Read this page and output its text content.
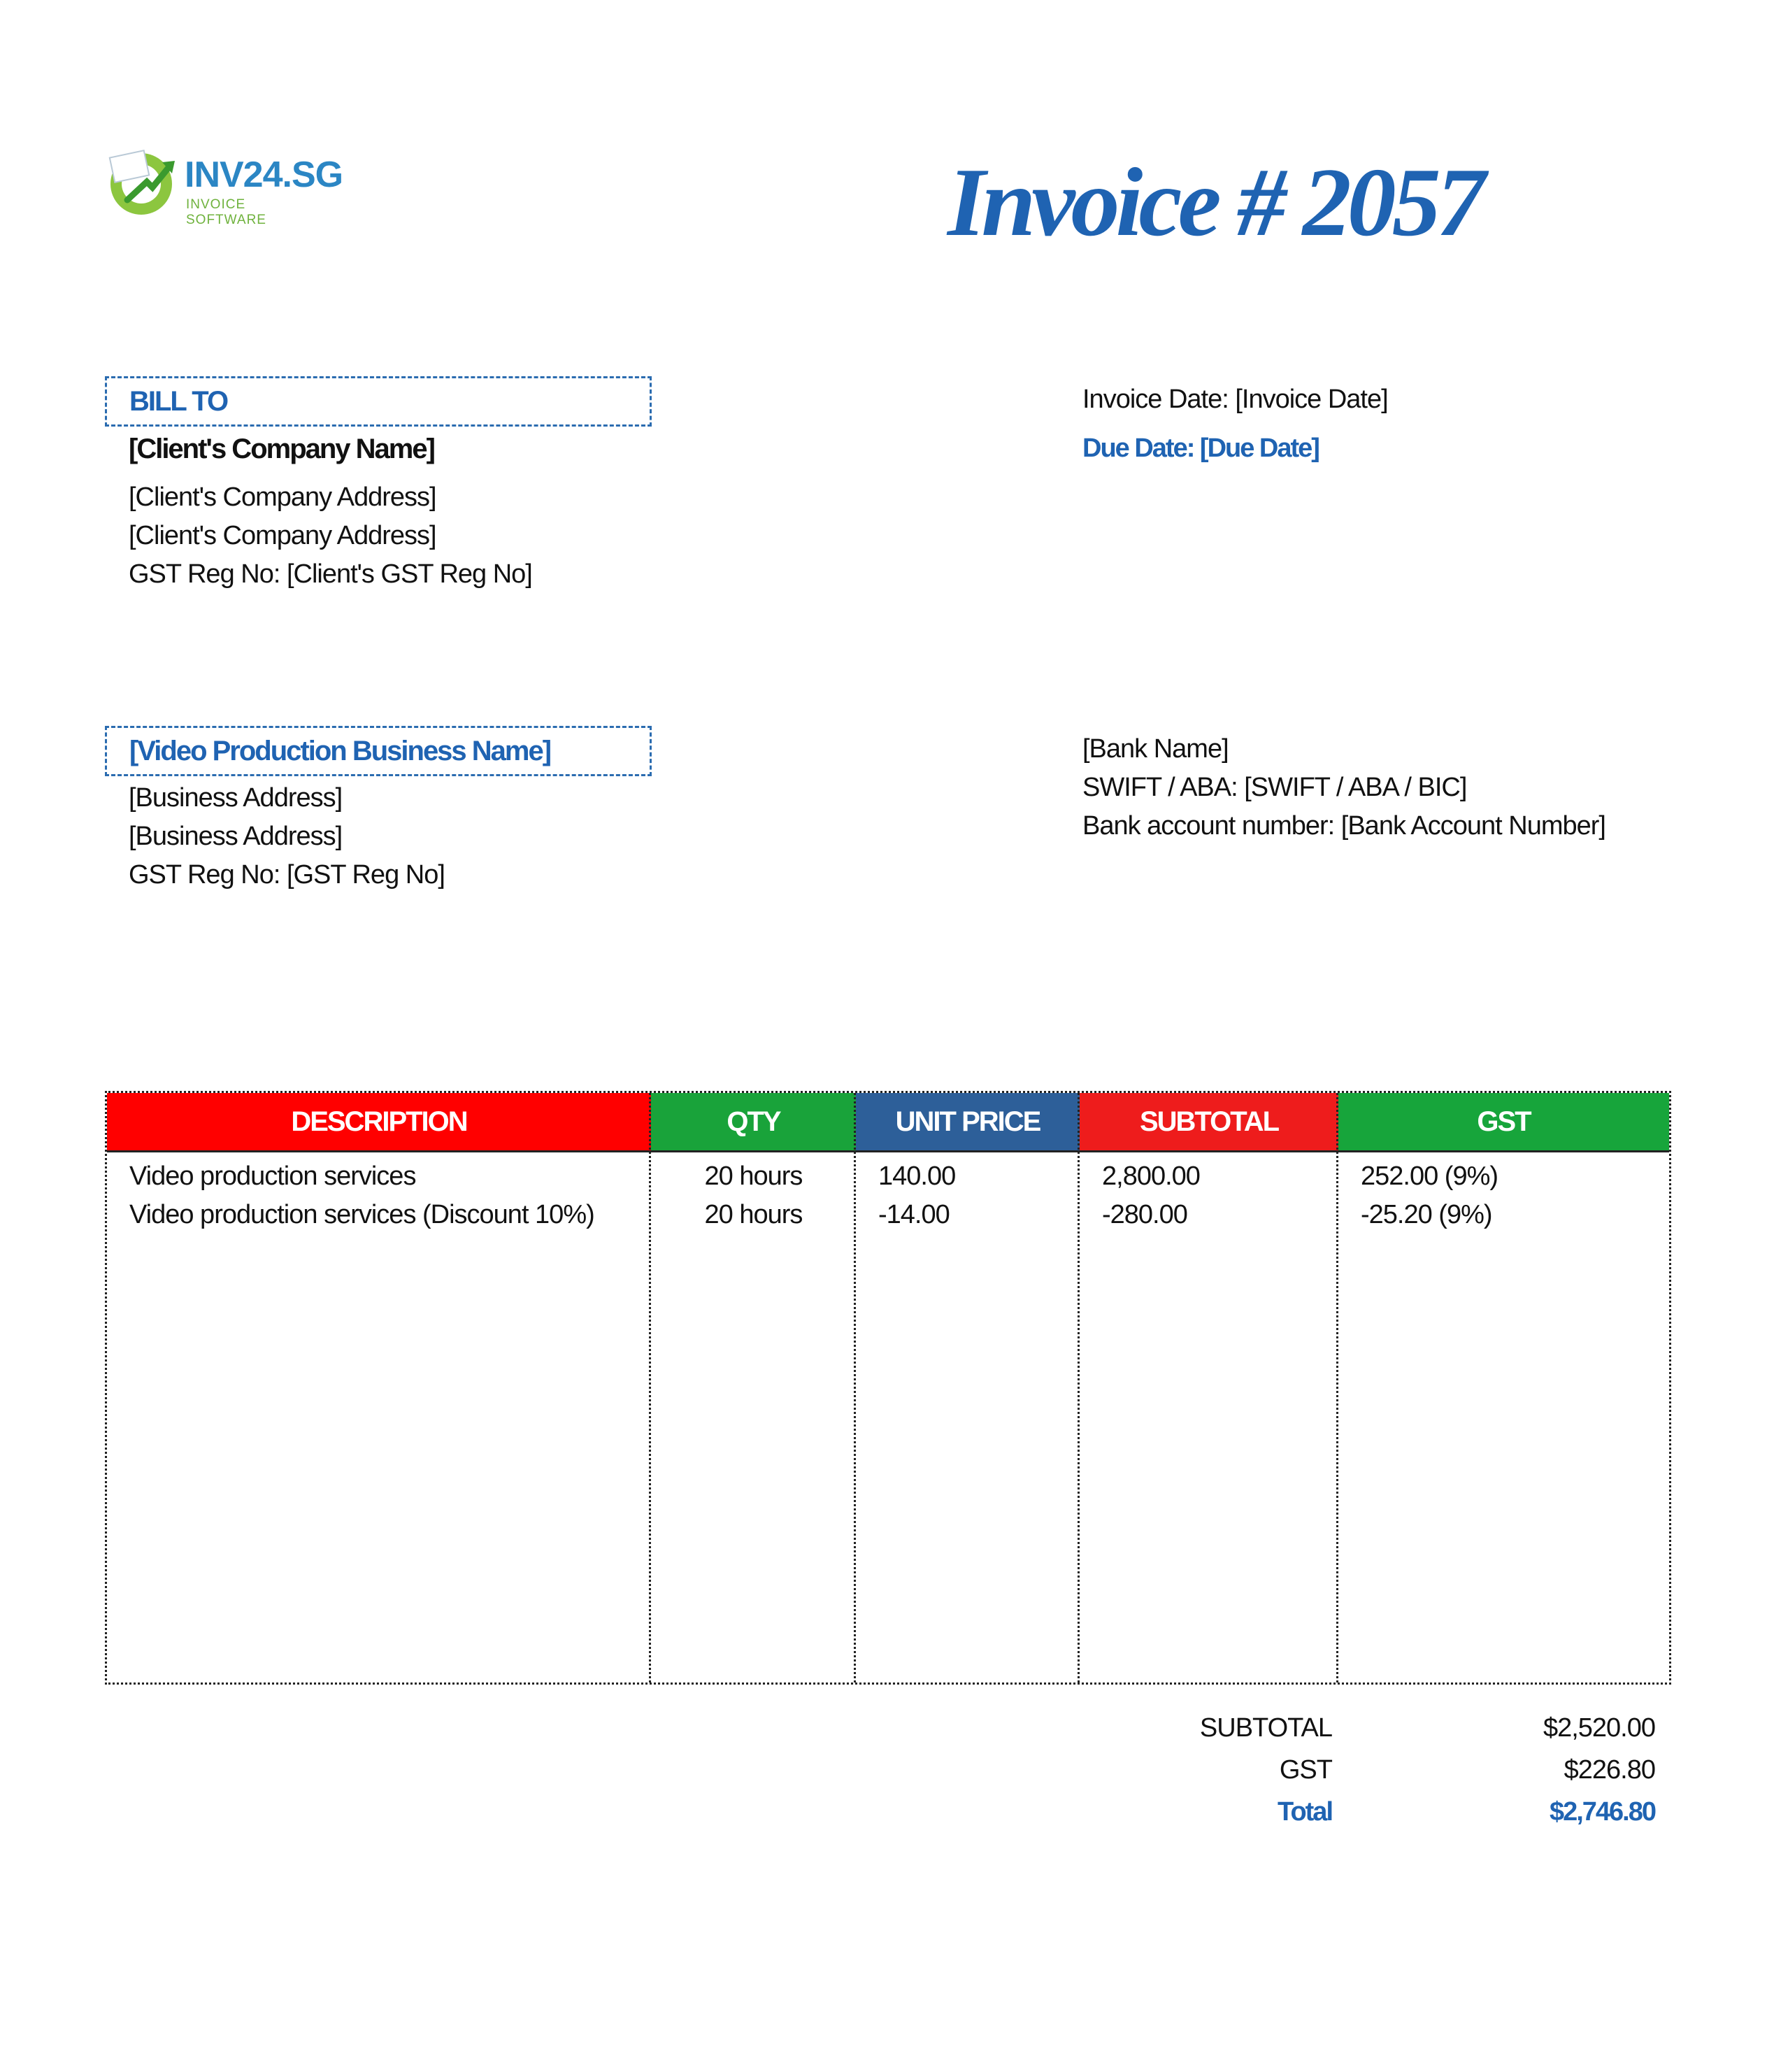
INV24.SG
INVOICE SOFTWARE	Invoice # 2057
BILL TO
[Client's Company Name]
[Client's Company Address]
[Client's Company Address]
GST Reg No: [Client's GST Reg No]
Invoice Date: [Invoice Date]
Due Date: [Due Date]
[Video Production Business Name]
[Business Address]
[Business Address]
GST Reg No: [GST Reg No]
[Bank Name]
SWIFT / ABA: [SWIFT / ABA / BIC]
Bank account number: [Bank Account Number]
DESCRIPTION	QTY	UNIT PRICE	SUBTOTAL	GST
Video production services	20 hours	140.00	2,800.00	252.00 (9%)
Video production services (Discount 10%)	20 hours	-14.00	-280.00	-25.20 (9%)
SUBTOTAL	$2,520.00
GST	$226.80
Total	$2,746.80
